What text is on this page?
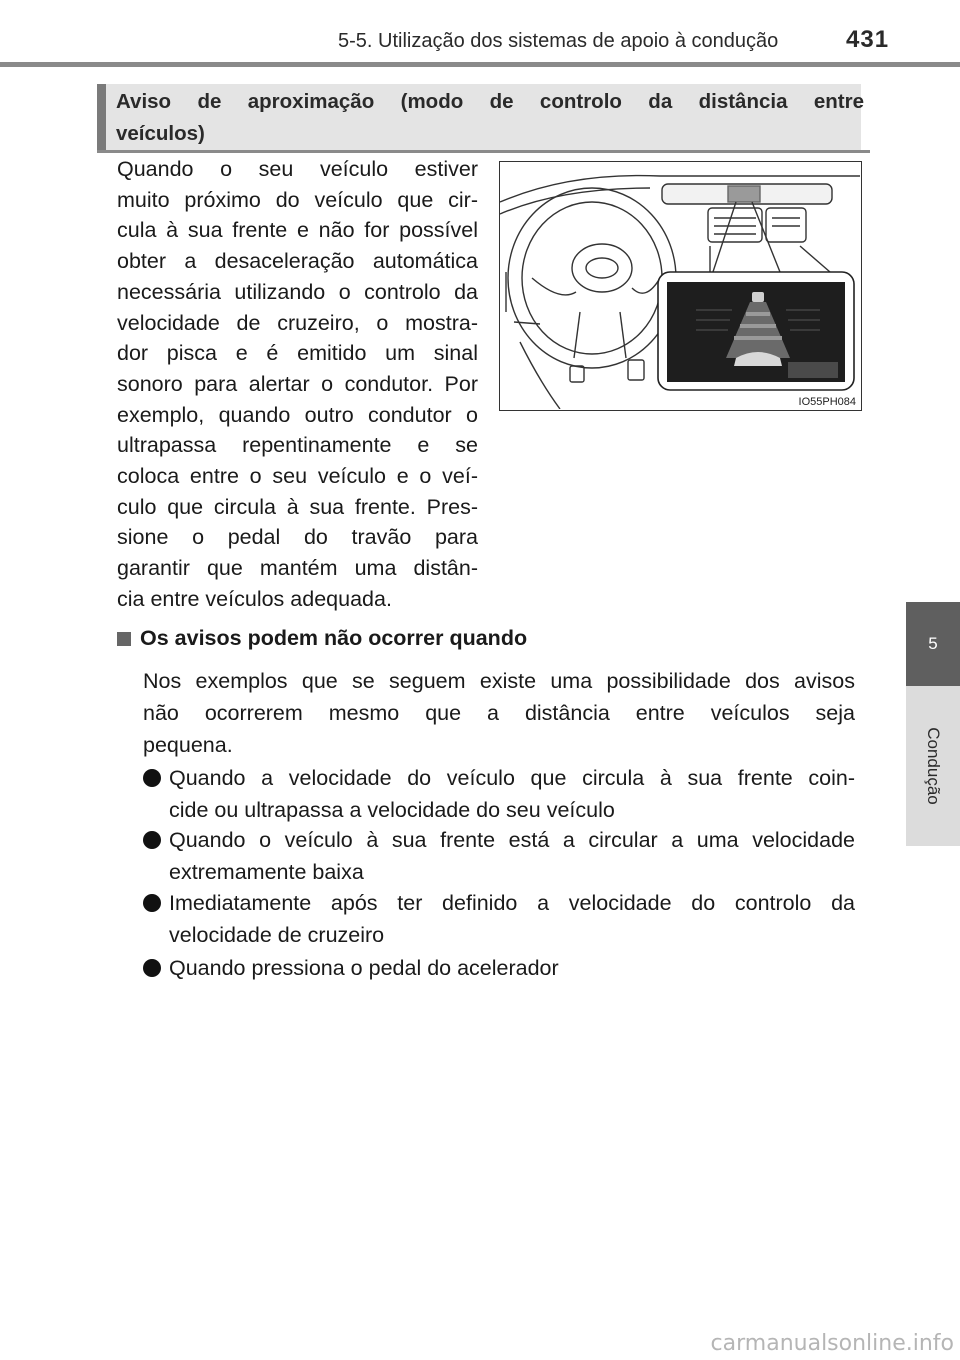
5-5. Utilização dos sistemas de apoio à condução	431
5
Condução
Aviso de aproximação (modo de controlo da distância entre
veículos)
Quando o seu veículo estiver
muito próximo do veículo que cir-
cula à sua frente e não for possível
obter a desaceleração automática
necessária utilizando o controlo da
velocidade de cruzeiro, o mostra-
dor pisca e é emitido um sinal
sonoro para alertar o condutor. Por
exemplo, quando outro condutor o
ultrapassa repentinamente e se
coloca entre o seu veículo e o veí-
culo que circula à sua frente. Pres-
sione o pedal do travão para
garantir que mantém uma distân-
cia entre veículos adequada.
IO55PH084
Os avisos podem não ocorrer quando
Nos exemplos que se seguem existe uma possibilidade dos avisos
não ocorrerem mesmo que a distância entre veículos seja
pequena.
Quando a velocidade do veículo que circula à sua frente coin-
cide ou ultrapassa a velocidade do seu veículo
Quando o veículo à sua frente está a circular a uma velocidade
extremamente baixa
Imediatamente após ter definido a velocidade do controlo da
velocidade de cruzeiro
Quando pressiona o pedal do acelerador
carmanualsonline.info
